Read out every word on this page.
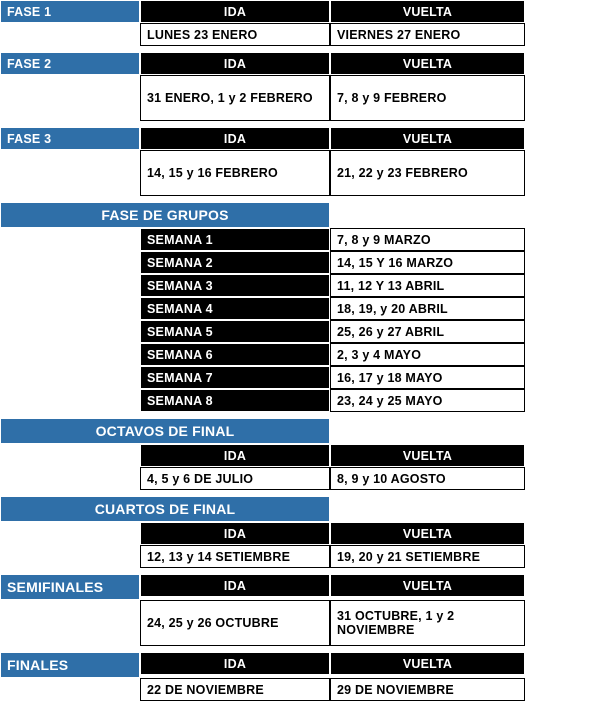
FASE 1	IDA	VUELTA
LUNES 23 ENERO	VIERNES 27 ENERO
FASE 2	IDA	VUELTA
31 ENERO, 1 y 2 FEBRERO	7, 8 y 9 FEBRERO
FASE 3	IDA	VUELTA
14, 15 y 16 FEBRERO	21, 22 y 23 FEBRERO
FASE DE GRUPOS
SEMANA 1	7, 8 y 9 MARZO
SEMANA 2	14, 15 Y 16 MARZO
SEMANA 3	11, 12 Y 13 ABRIL
SEMANA 4	18, 19, y 20 ABRIL
SEMANA 5	25, 26 y 27 ABRIL
SEMANA 6	2, 3 y 4 MAYO
SEMANA 7	16, 17 y 18 MAYO
SEMANA 8	23, 24 y 25 MAYO
OCTAVOS DE FINAL
IDA	VUELTA
4, 5 y 6 DE JULIO	8, 9 y 10 AGOSTO
CUARTOS DE FINAL
IDA	VUELTA
12, 13 y 14 SETIEMBRE	19, 20 y 21 SETIEMBRE
SEMIFINALES	IDA	VUELTA
24, 25 y 26 OCTUBRE	31 OCTUBRE, 1 y 2 NOVIEMBRE
FINALES	IDA	VUELTA
22 DE NOVIEMBRE	29 DE NOVIEMBRE
